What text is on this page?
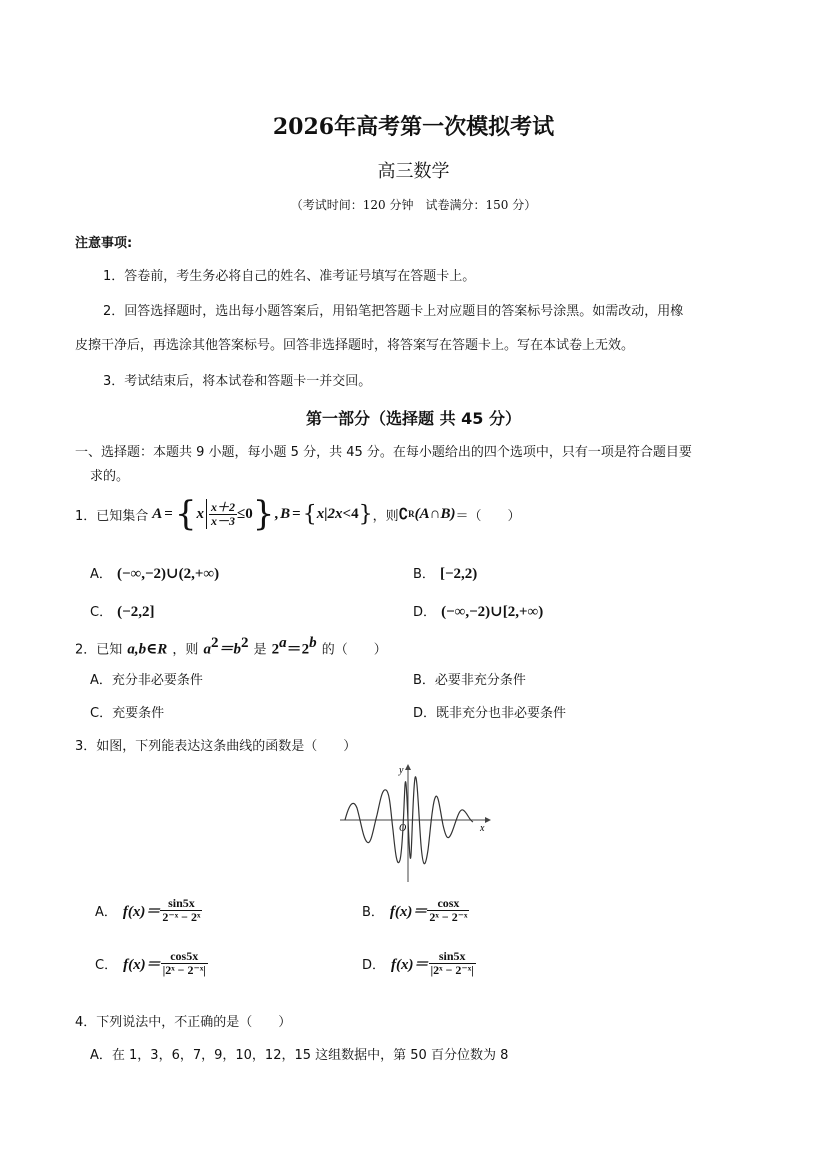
2026年高考第一次模拟考试
高三数学
（考试时间：120 分钟　试卷满分：150 分）
注意事项:
1．答卷前，考生务必将自己的姓名、准考证号填写在答题卡上。
2．回答选择题时，选出每小题答案后，用铅笔把答题卡上对应题目的答案标号涂黑。如需改动，用橡
皮擦干净后，再选涂其他答案标号。回答非选择题时，将答案写在答题卡上。写在本试卷上无效。
3．考试结束后，将本试卷和答题卡一并交回。
第一部分（选择题 共 45 分）
一、选择题：本题共 9 小题，每小题 5 分，共 45 分。在每小题给出的四个选项中，只有一项是符合题目要
求的。
1．已知集合 A = { x $\frac{x+2}{x-3} \le 0$ } , B = { x|2 x <4 } ，则 ∁ R (A∩B) ＝（　　）
A． (−∞,−2)∪(2,+∞)	B． [−2,2)
C． (−2,2]	D． (−∞,−2)∪[2,+∞)
2．已知 a,b∈R ，则 $a^2=b^2$ 是 $2^a=2^b$ 的（　　）
A．充分非必要条件	B．必要非充分条件
C．充要条件	D．既非充分也非必要条件
3．如图，下列能表达这条曲线的函数是（　　）
y
x
O
A． $f(x)= \frac{\sin 5x}{\text{2⁻ˣ − 2ˣ}}$	B． $f(x)= \frac{\cos x}{\text{2ˣ − 2⁻ˣ}}$
C． $f(x)= \frac{\cos 5x}{\text{|2ˣ − 2⁻ˣ|}}$	D． $f(x)= \frac{\sin 5x}{\text{|2ˣ − 2⁻ˣ|}}$
4．下列说法中，不正确的是（　　）
A．在 1，3，6，7，9，10，12，15 这组数据中，第 50 百分位数为 8
